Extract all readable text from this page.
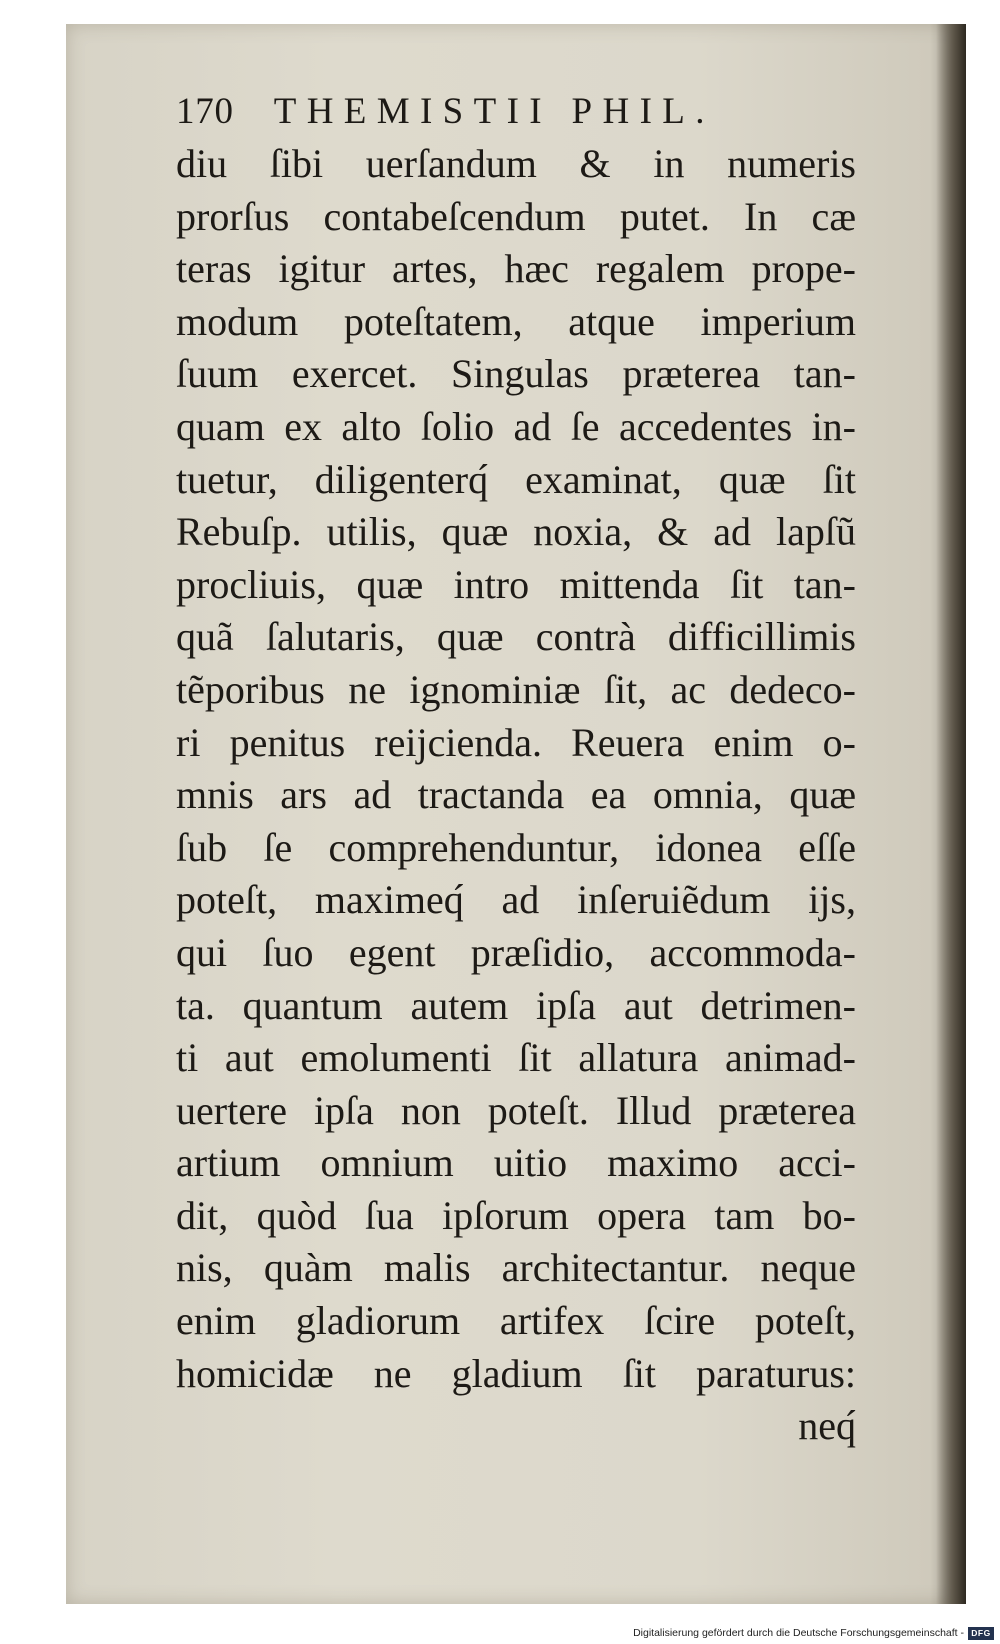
170 THEMISTII PHIL.
diu ſibi uerſandum & in numeris
prorſus contabeſcendum putet. In cæ
teras igitur artes, hæc regalem prope-
modum poteſtatem, atque imperium
ſuum exercet. Singulas præterea tan-
quam ex alto ſolio ad ſe accedentes in-
tuetur, diligenterq́ examinat, quæ ſit
Rebuſp. utilis, quæ noxia, & ad lapſũ
procliuis, quæ intro mittenda ſit tan-
quã ſalutaris, quæ contrà difficillimis
tẽporibus ne ignominiæ ſit, ac dedeco-
ri penitus reijcienda. Reuera enim o-
mnis ars ad tractanda ea omnia, quæ
ſub ſe comprehenduntur, idonea eſſe
poteſt, maximeq́ ad inſeruiẽdum ijs,
qui ſuo egent præſidio, accommoda-
ta. quantum autem ipſa aut detrimen-
ti aut emolumenti ſit allatura animad-
uertere ipſa non poteſt. Illud præterea
artium omnium uitio maximo acci-
dit, quòd ſua ipſorum opera tam bo-
nis, quàm malis architectantur. neque
enim gladiorum artifex ſcire poteſt,
homicidæ ne gladium ſit paraturus:
neq́
Digitalisierung gefördert durch die Deutsche Forschungsgemeinschaft - DFG
